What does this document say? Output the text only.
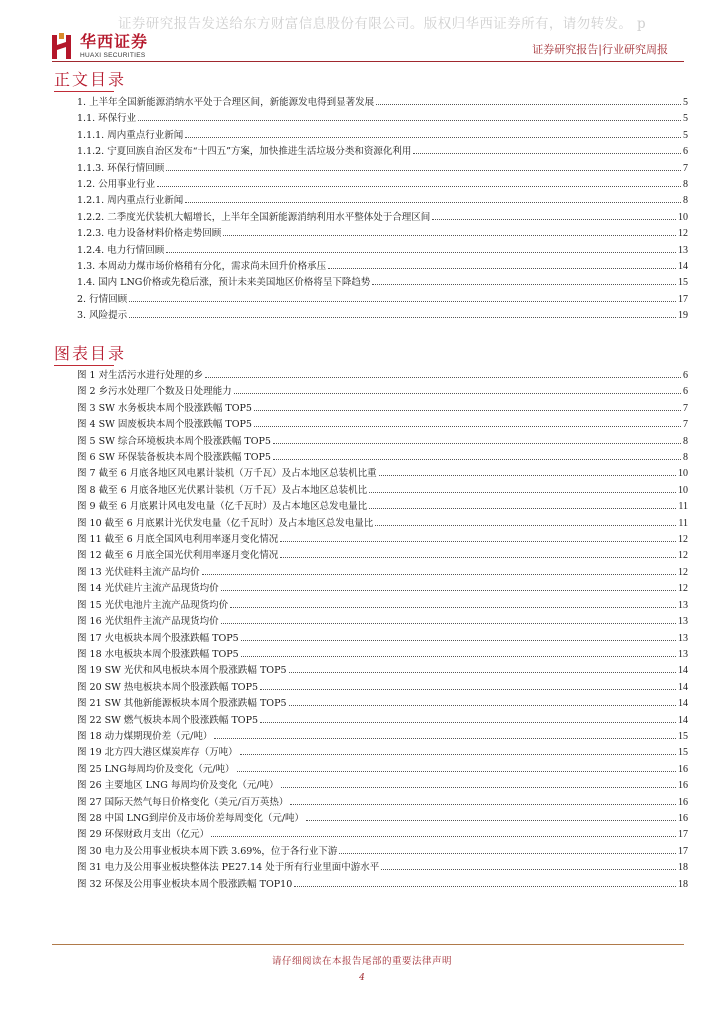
证券研究报告发送给东方财富信息股份有限公司。版权归华西证券所有，请勿转发。 p
华西证券
HUAXI SECURITIES	证券研究报告|行业研究周报
正文目录
1. 上半年全国新能源消纳水平处于合理区间，新能源发电得到显著发展	5
1.1. 环保行业	5
1.1.1. 周内重点行业新闻	5
1.1.2. 宁夏回族自治区发布“十四五”方案，加快推进生活垃圾分类和资源化利用	6
1.1.3. 环保行情回顾	7
1.2. 公用事业行业	8
1.2.1. 周内重点行业新闻	8
1.2.2. 二季度光伏装机大幅增长，上半年全国新能源消纳利用水平整体处于合理区间	10
1.2.3. 电力设备材料价格走势回顾	12
1.2.4. 电力行情回顾	13
1.3. 本周动力煤市场价格稍有分化，需求尚未回升价格承压	14
1.4. 国内 LNG价格或先稳后涨，预计未来美国地区价格将呈下降趋势	15
2. 行情回顾	17
3. 风险提示	19
图表目录
图 1 对生活污水进行处理的乡	6
图 2 乡污水处理厂个数及日处理能力	6
图 3 SW 水务板块本周个股涨跌幅 TOP5	7
图 4 SW 固废板块本周个股涨跌幅 TOP5	7
图 5 SW 综合环境板块本周个股涨跌幅 TOP5	8
图 6 SW 环保装备板块本周个股涨跌幅 TOP5	8
图 7 截至 6 月底各地区风电累计装机（万千瓦）及占本地区总装机比重	10
图 8 截至 6 月底各地区光伏累计装机（万千瓦）及占本地区总装机比	10
图 9 截至 6 月底累计风电发电量（亿千瓦时）及占本地区总发电量比	11
图 10 截至 6 月底累计光伏发电量（亿千瓦时）及占本地区总发电量比	11
图 11 截至 6 月底全国风电利用率逐月变化情况	12
图 12 截至 6 月底全国光伏利用率逐月变化情况	12
图 13 光伏硅料主流产品均价	12
图 14 光伏硅片主流产品现货均价	12
图 15 光伏电池片主流产品现货均价	13
图 16 光伏组件主流产品现货均价	13
图 17 火电板块本周个股涨跌幅 TOP5	13
图 18 水电板块本周个股涨跌幅 TOP5	13
图 19 SW 光伏和风电板块本周个股涨跌幅 TOP5	14
图 20 SW 热电板块本周个股涨跌幅 TOP5	14
图 21 SW 其他新能源板块本周个股涨跌幅 TOP5	14
图 22 SW 燃气板块本周个股涨跌幅 TOP5	14
图 18 动力煤期现价差（元/吨）	15
图 19 北方四大港区煤炭库存（万吨）	15
图 25 LNG每周均价及变化（元/吨）	16
图 26 主要地区 LNG 每周均价及变化（元/吨）	16
图 27 国际天然气每日价格变化（美元/百万英热）	16
图 28 中国 LNG到岸价及市场价差每周变化（元/吨）	16
图 29 环保财政月支出（亿元）	17
图 30 电力及公用事业板块本周下跌 3.69%，位于各行业下游	17
图 31 电力及公用事业板块整体法 PE27.14 处于所有行业里面中游水平	18
图 32 环保及公用事业板块本周个股涨跌幅 TOP10	18
请仔细阅读在本报告尾部的重要法律声明
4
